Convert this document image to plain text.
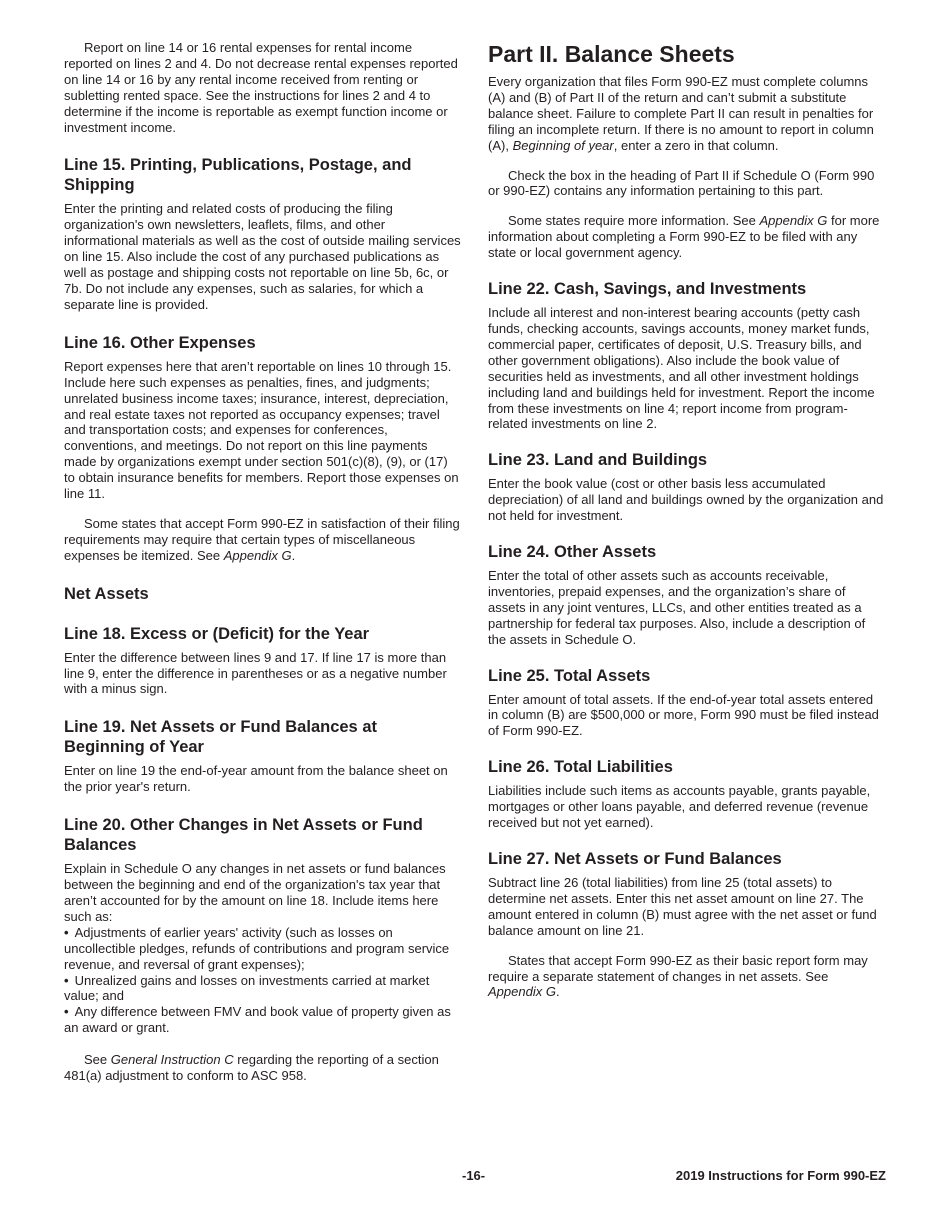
Report on line 14 or 16 rental expenses for rental income reported on lines 2 and 4. Do not decrease rental expenses reported on line 14 or 16 by any rental income received from renting or subletting rented space. See the instructions for lines 2 and 4 to determine if the income is reportable as exempt function income or investment income.

Line 15. Printing, Publications, Postage, and Shipping

Enter the printing and related costs of producing the filing organization's own newsletters, leaflets, films, and other informational materials as well as the cost of outside mailing services on line 15. Also include the cost of any purchased publications as well as postage and shipping costs not reportable on line 5b, 6c, or 7b. Do not include any expenses, such as salaries, for which a separate line is provided.

Line 16. Other Expenses

Report expenses here that aren’t reportable on lines 10 through 15. Include here such expenses as penalties, fines, and judgments; unrelated business income taxes; insurance, interest, depreciation, and real estate taxes not reported as occupancy expenses; travel and transportation costs; and expenses for conferences, conventions, and meetings. Do not report on this line payments made by organizations exempt under section 501(c)(8), (9), or (17) to obtain insurance benefits for members. Report those expenses on line 11.

Some states that accept Form 990-EZ in satisfaction of their filing requirements may require that certain types of miscellaneous expenses be itemized. See Appendix G.

Net Assets
Line 18. Excess or (Deficit) for the Year

Enter the difference between lines 9 and 17. If line 17 is more than line 9, enter the difference in parentheses or as a negative number with a minus sign.

Line 19. Net Assets or Fund Balances at Beginning of Year

Enter on line 19 the end-of-year amount from the balance sheet on the prior year's return.

Line 20. Other Changes in Net Assets or Fund Balances

Explain in Schedule O any changes in net assets or fund balances between the beginning and end of the organization's tax year that aren’t accounted for by the amount on line 18. Include items here such as:

• Adjustments of earlier years' activity (such as losses on uncollectible pledges, refunds of contributions and program service revenue, and reversal of grant expenses);
• Unrealized gains and losses on investments carried at market value; and
• Any difference between FMV and book value of property given as an award or grant.

See General Instruction C regarding the reporting of a section 481(a) adjustment to conform to ASC 958.

Part II. Balance Sheets

Every organization that files Form 990-EZ must complete columns (A) and (B) of Part II of the return and can’t submit a substitute balance sheet. Failure to complete Part II can result in penalties for filing an incomplete return. If there is no amount to report in column (A), Beginning of year, enter a zero in that column.

Check the box in the heading of Part II if Schedule O (Form 990 or 990-EZ) contains any information pertaining to this part.

Some states require more information. See Appendix G for more information about completing a Form 990-EZ to be filed with any state or local government agency.

Line 22. Cash, Savings, and Investments

Include all interest and non-interest bearing accounts (petty cash funds, checking accounts, savings accounts, money market funds, commercial paper, certificates of deposit, U.S. Treasury bills, and other government obligations). Also include the book value of securities held as investments, and all other investment holdings including land and buildings held for investment. Report the income from these investments on line 4; report income from program-related investments on line 2.

Line 23. Land and Buildings

Enter the book value (cost or other basis less accumulated depreciation) of all land and buildings owned by the organization and not held for investment.

Line 24. Other Assets

Enter the total of other assets such as accounts receivable, inventories, prepaid expenses, and the organization’s share of assets in any joint ventures, LLCs, and other entities treated as a partnership for federal tax purposes. Also, include a description of the assets in Schedule O.

Line 25. Total Assets

Enter amount of total assets. If the end-of-year total assets entered in column (B) are $500,000 or more, Form 990 must be filed instead of Form 990-EZ.

Line 26. Total Liabilities

Liabilities include such items as accounts payable, grants payable, mortgages or other loans payable, and deferred revenue (revenue received but not yet earned).

Line 27. Net Assets or Fund Balances

Subtract line 26 (total liabilities) from line 25 (total assets) to determine net assets. Enter this net asset amount on line 27. The amount entered in column (B) must agree with the net asset or fund balance amount on line 21.

States that accept Form 990-EZ as their basic report form may require a separate statement of changes in net assets. See Appendix G.

-16-	2019 Instructions for Form 990-EZ
